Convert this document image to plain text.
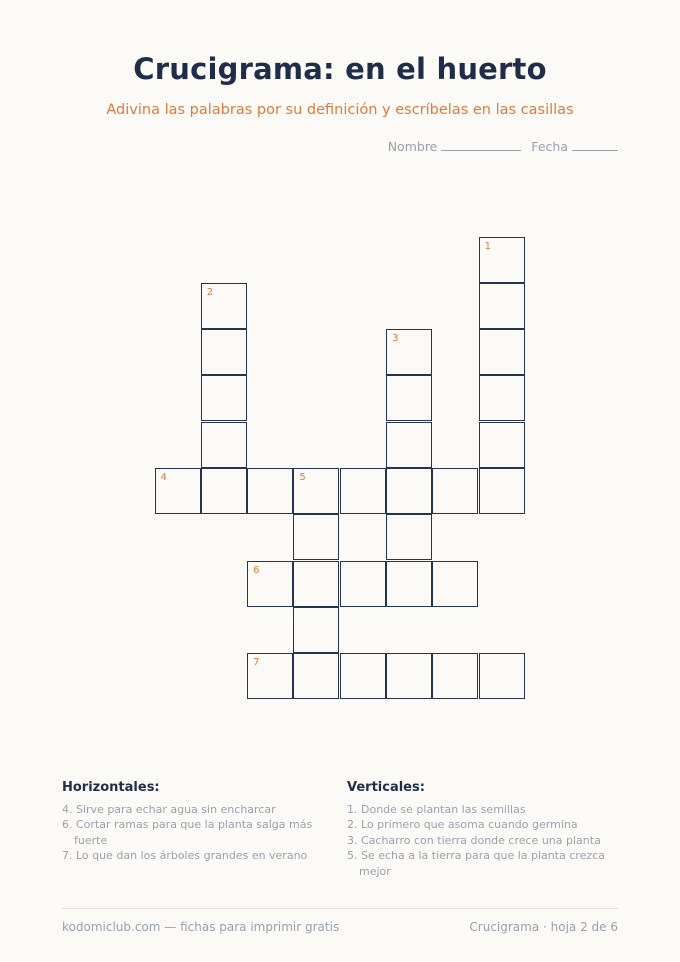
Crucigrama: en el huerto
Adivina las palabras por su definición y escríbelas en las casillas
Nombre	Fecha
1
2
3
4	5
6
7
Horizontales:
4. Sirve para echar agua sin encharcar
6. Cortar ramas para que la planta salga más fuerte
7. Lo que dan los árboles grandes en verano
Verticales:
1. Donde se plantan las semillas
2. Lo primero que asoma cuando germina
3. Cacharro con tierra donde crece una planta
5. Se echa a la tierra para que la planta crezca mejor
kodomiclub.com — fichas para imprimir gratis	Crucigrama · hoja 2 de 6
